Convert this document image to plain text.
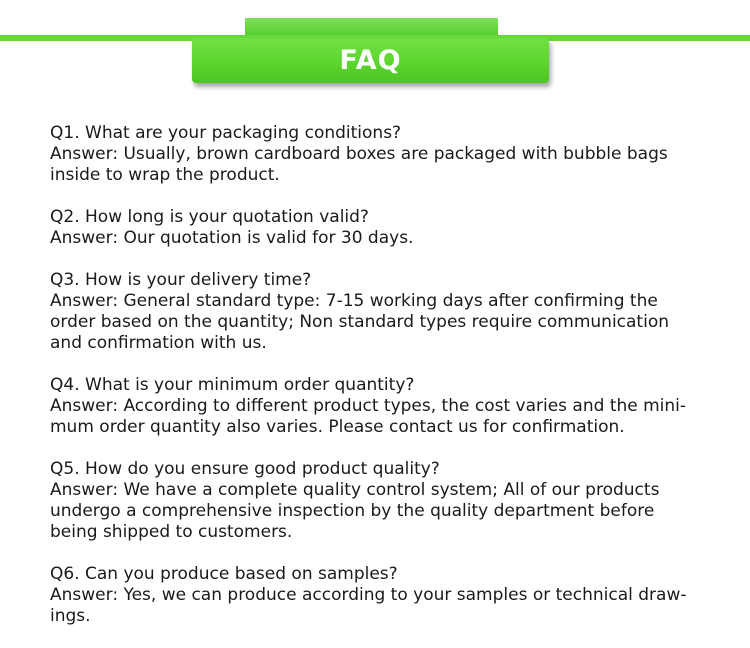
FAQ

Q1. What are your packaging conditions?

Answer: Usually, brown cardboard boxes are packaged with bubble bags

inside to wrap the product.

Q2. How long is your quotation valid?

Answer: Our quotation is valid for 30 days.

Q3. How is your delivery time?

Answer: General standard type: 7-15 working days after confirming the

order based on the quantity; Non standard types require communication

and confirmation with us.

Q4. What is your minimum order quantity?

Answer: According to different product types, the cost varies and the mini-

mum order quantity also varies. Please contact us for confirmation.

Q5. How do you ensure good product quality?

Answer: We have a complete quality control system; All of our products

undergo a comprehensive inspection by the quality department before

being shipped to customers.

Q6. Can you produce based on samples?

Answer: Yes, we can produce according to your samples or technical draw-

ings.
